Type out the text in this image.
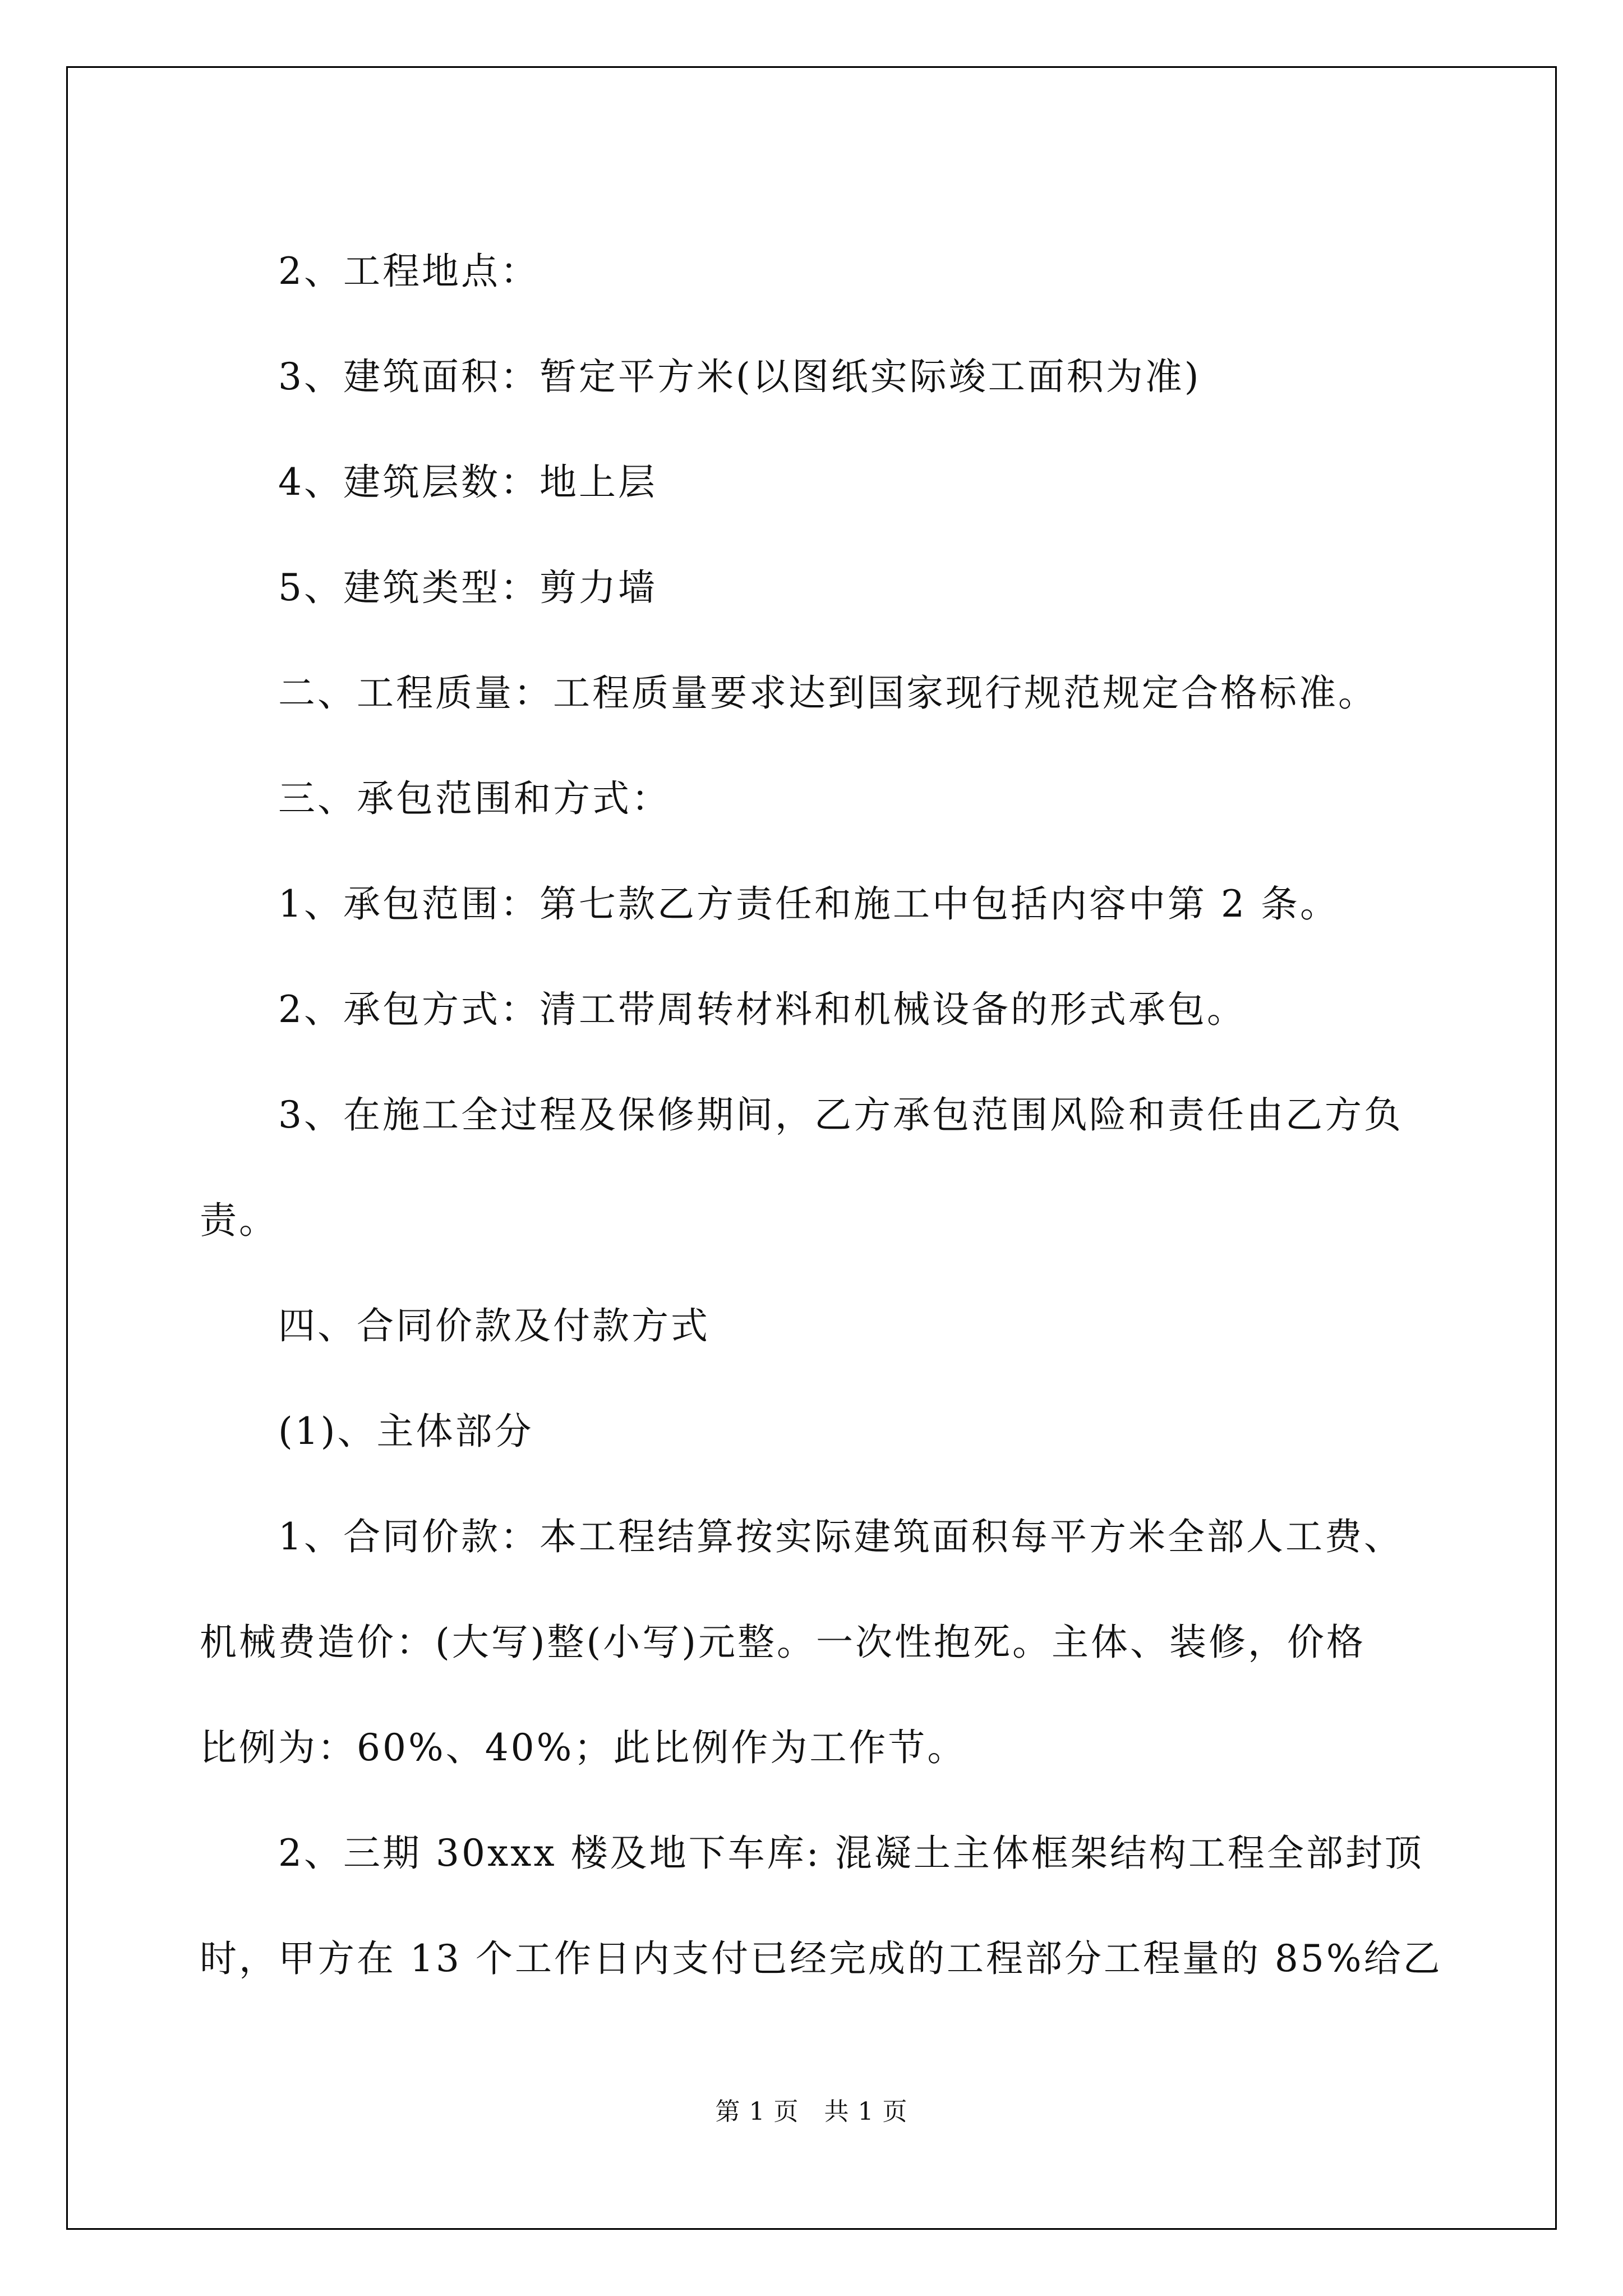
2、工程地点：

3、建筑面积：暂定平方米(以图纸实际竣工面积为准)

4、建筑层数：地上层

5、建筑类型：剪力墙

二、工程质量：工程质量要求达到国家现行规范规定合格标准。

三、承包范围和方式：

1、承包范围：第七款乙方责任和施工中包括内容中第 2 条。

2、承包方式：清工带周转材料和机械设备的形式承包。

3、在施工全过程及保修期间，乙方承包范围风险和责任由乙方负

责。

四、合同价款及付款方式

(1)、主体部分

1、合同价款：本工程结算按实际建筑面积每平方米全部人工费、

机械费造价：(大写)整(小写)元整。一次性抱死。主体、装修，价格

比例为：60%、40%；此比例作为工作节。

2、三期 30xxx 楼及地下车库: 混凝土主体框架结构工程全部封顶

时，甲方在 13 个工作日内支付已经完成的工程部分工程量的 85%给乙

第 1 页　共 1 页
